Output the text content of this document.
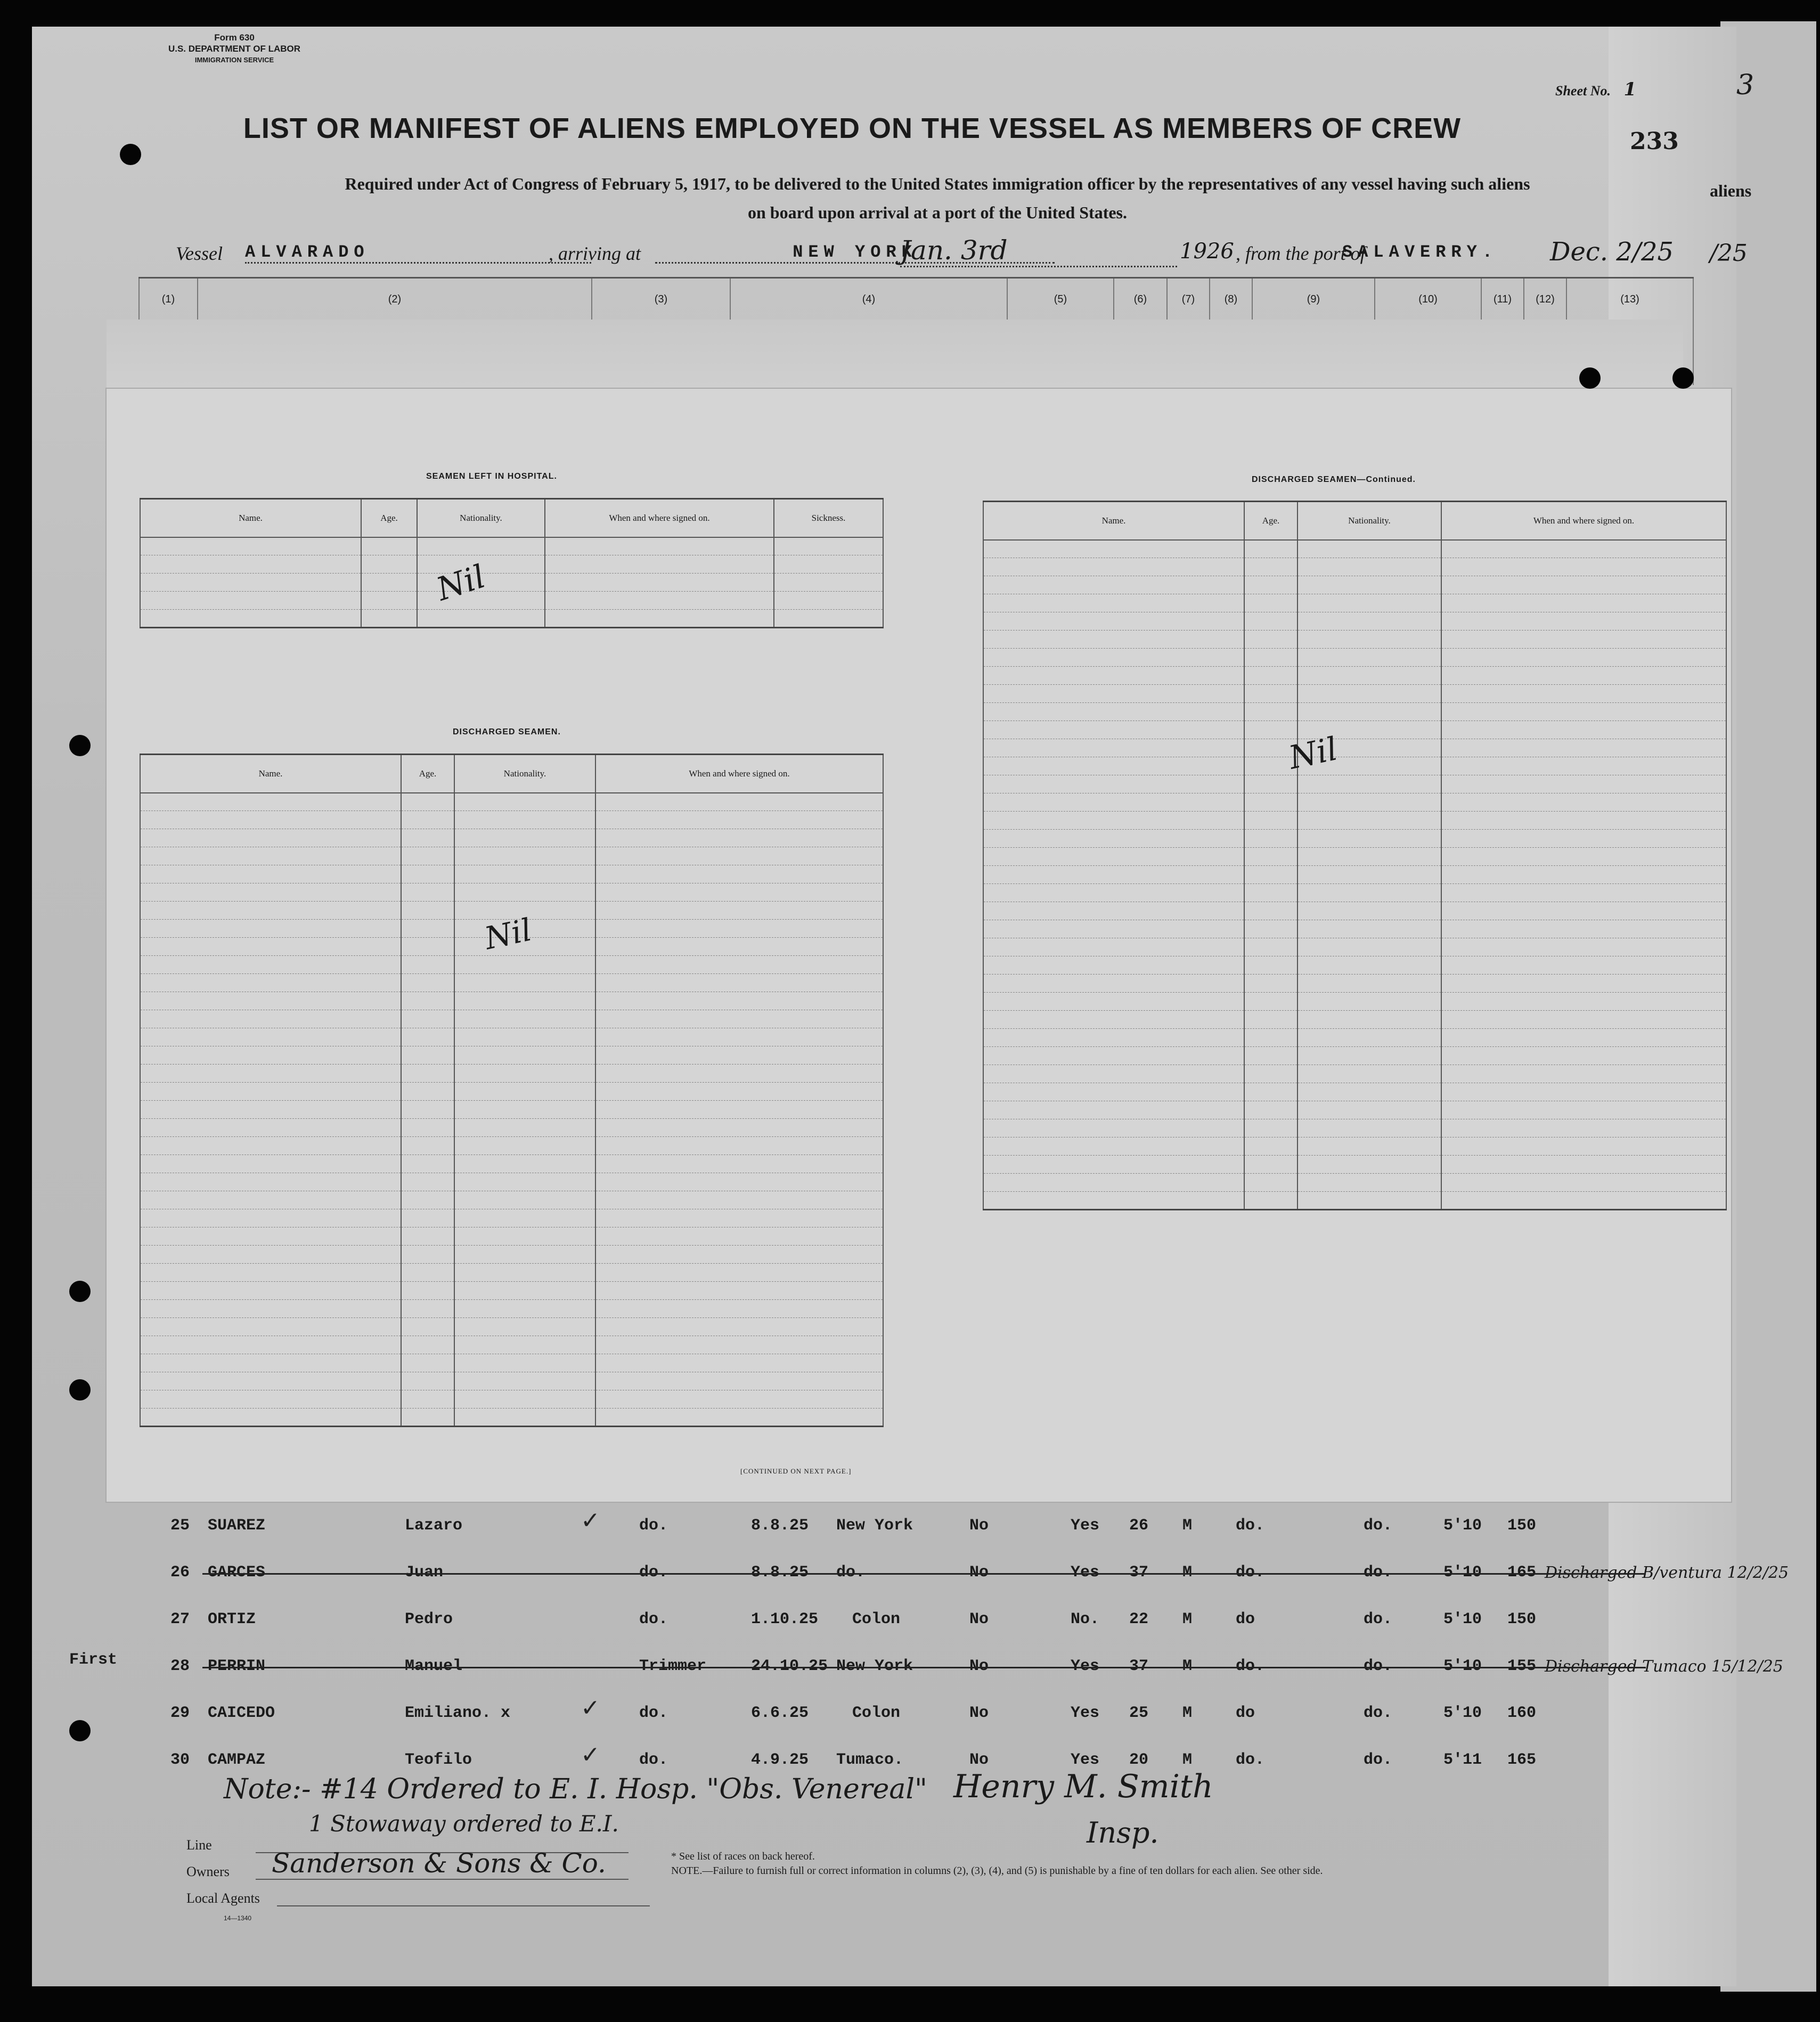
Form 630
U.S. DEPARTMENT OF LABOR
IMMIGRATION SERVICE
Sheet No. 1	3
233
LIST OR MANIFEST OF ALIENS EMPLOYED ON THE VESSEL AS MEMBERS OF CREW
Required under Act of Congress of February 5, 1917, to be delivered to the United States immigration officer by the representatives of any vessel having such aliens
on board upon arrival at a port of the United States.
aliens
/25
Vessel ALVARADO	, arriving at	NEW YORK
Jan. 3rd	1926 , from the port of
SALAVERRY. Dec. 2/25
(1)	(2)	(3)	(4)	(5)	(6)	(7)	(8)	(9)	(10)	(11)	(12)	(13)
SEAMEN LEFT IN HOSPITAL.
Name.	Age.	Nationality.	When and where signed on.	Sickness.

Nil
DISCHARGED SEAMEN.
Name.	Age.	Nationality.	When and where signed on.

Nil
[CONTINUED ON NEXT PAGE.]
DISCHARGED SEAMEN—Continued.
Name.	Age.	Nationality.	When and where signed on.

Nil
First
25 SUAREZ	Lazaro	✓ do.	8.8.25 New York	No	Yes 26 M	do.	do.	5'10 150
26 GARCES	Juan	do.	8.8.25 do.	No	Yes 37 M	do.	do.	5'10 165 Discharged B/ventura 12/2/25
27 ORTIZ	Pedro	do.	1.10.25 Colon	No	No. 22 M	do	do.	5'10 150
28 PERRIN	Manuel	Trimmer	24.10.25 New York	No	Yes 37 M	do.	do.	5'10 155 Discharged Tumaco 15/12/25
29 CAICEDO	Emiliano. x	✓ do.	6.6.25	Colon	No	Yes 25 M	do	do.	5'10 160
30 CAMPAZ	Teofilo	✓ do.	4.9.25 Tumaco.	No	Yes 20 M	do.	do.	5'11 165
Note:- #14 Ordered to E. I. Hosp. "Obs. Venereal"
1 Stowaway ordered to E.I.
Henry M. Smith
Insp.
Line
Owners
Local Agents
Sanderson & Sons & Co.
14—1340
* See list of races on back hereof.
NOTE.—Failure to furnish full or correct information in columns (2), (3), (4), and (5) is punishable by a fine of ten dollars for each alien. See other side.
